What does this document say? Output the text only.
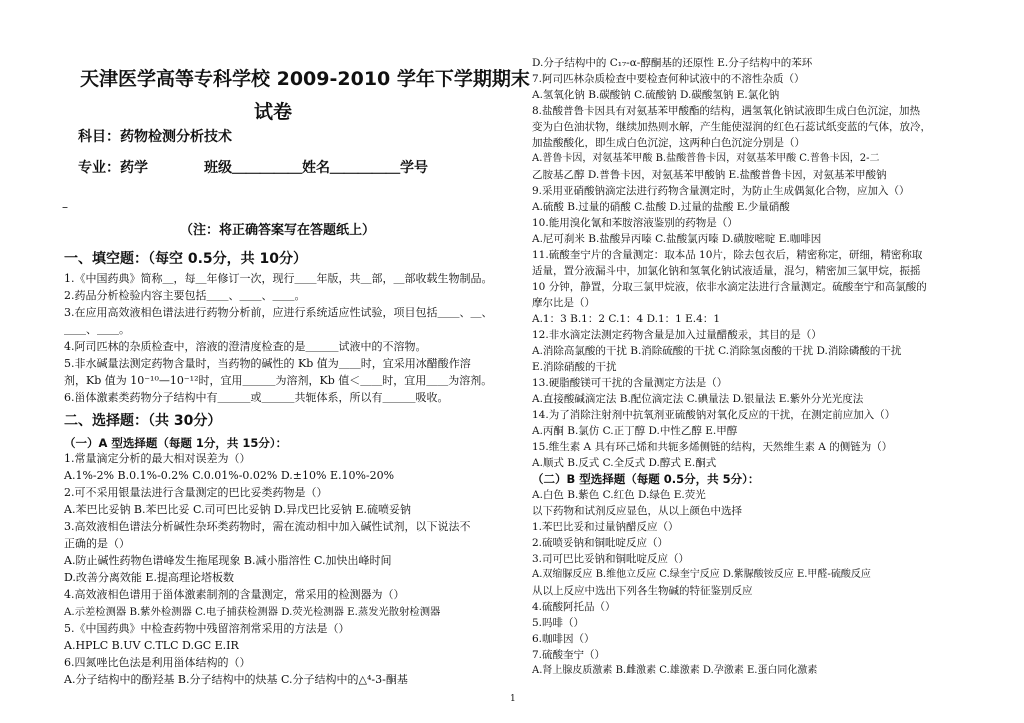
天津医学高等专科学校 2009-2010 学年下学期期末
试卷
科目：药物检测分析技术
专业：药学　　　　班级＿＿＿＿＿姓名＿＿＿＿＿学号
–
（注：将正确答案写在答题纸上）
一、填空题：（每空 0.5分，共 10分）
1.《中国药典》简称＿，每＿年修订一次，现行＿＿年版，共＿部，＿部收载生物制品。
2.药品分析检验内容主要包括＿＿、＿＿、＿＿。
3.在应用高效液相色谱法进行药物分析前，应进行系统适应性试验，项目包括＿＿、＿、
＿＿、＿＿。
4.阿司匹林的杂质检查中，溶液的澄清度检查的是＿＿＿试液中的不溶物。
5.非水碱量法测定药物含量时，当药物的碱性的 Kb 值为＿＿时，宜采用冰醋酸作溶
剂，Kb 值为 10⁻¹⁰—10⁻¹²时，宜用＿＿＿为溶剂，Kb 值＜＿＿时，宜用＿＿为溶剂。
6.甾体激素类药物分子结构中有＿＿＿或＿＿＿共轭体系，所以有＿＿＿吸收。
二、选择题：（共 30分）
（一）A 型选择题（每题 1分，共 15分）：
1.常量滴定分析的最大相对误差为（）
A.1%-2% B.0.1%-0.2% C.0.01%-0.02% D.±10% E.10%-20%
2.可不采用银量法进行含量测定的巴比妥类药物是（）
A.苯巴比妥钠 B.苯巴比妥 C.司可巴比妥钠 D.异戊巴比妥钠 E.硫喷妥钠
3.高效液相色谱法分析碱性杂环类药物时，需在流动相中加入碱性试剂，以下说法不
正确的是（）
A.防止碱性药物色谱峰发生拖尾现象 B.减小脂溶性 C.加快出峰时间
D.改善分离效能 E.提高理论塔板数
4.高效液相色谱用于甾体激素制剂的含量测定，常采用的检测器为（）
A.示差检测器 B.紫外检测器 C.电子捕获检测器 D.荧光检测器 E.蒸发光散射检测器
5.《中国药典》中检查药物中残留溶剂常采用的方法是（）
A.HPLC B.UV C.TLC D.GC E.IR
6.四氮唑比色法是利用甾体结构的（）
A.分子结构中的酚羟基 B.分子结构中的炔基 C.分子结构中的△⁴-3-酮基
D.分子结构中的 C₁₇-α-醇酮基的还原性 E.分子结构中的苯环
7.阿司匹林杂质检查中要检查何种试液中的不溶性杂质（）
A.氢氧化钠 B.碳酸钠 C.硫酸钠 D.碳酸氢钠 E.氯化钠
8.盐酸普鲁卡因具有对氨基苯甲酸酯的结构，遇氢氧化钠试液即生成白色沉淀，加热
变为白色油状物，继续加热则水解，产生能使湿润的红色石蕊试纸变蓝的气体，放冷，
加盐酸酸化，即生成白色沉淀，这两种白色沉淀分别是（）
A.普鲁卡因，对氨基苯甲酸 B.盐酸普鲁卡因，对氨基苯甲酸 C.普鲁卡因，2-二
乙胺基乙醇 D.普鲁卡因，对氨基苯甲酸钠 E.盐酸普鲁卡因，对氨基苯甲酸钠
9.采用亚硝酸钠滴定法进行药物含量测定时，为防止生成偶氮化合物，应加入（）
A.硫酸 B.过量的硝酸 C.盐酸 D.过量的盐酸 E.少量硝酸
10.能用溴化氰和苯胺溶液鉴别的药物是（）
A.尼可刹米 B.盐酸异丙嗪 C.盐酸氯丙嗪 D.磺胺嘧啶 E.咖啡因
11.硫酸奎宁片的含量测定：取本品 10片，除去包衣后，精密称定，研细，精密称取
适量，置分液漏斗中，加氯化钠和氢氧化钠试液适量，混匀，精密加三氯甲烷，振摇
10 分钟，静置，分取三氯甲烷液，依非水滴定法进行含量测定。硫酸奎宁和高氯酸的
摩尔比是（）
A.1：3 B.1：2 C.1：4 D.1：1 E.4：1
12.非水滴定法测定药物含量是加入过量醋酸汞，其目的是（）
A.消除高氯酸的干扰 B.消除硫酸的干扰 C.消除氢卤酸的干扰 D.消除磷酸的干扰
E.消除硝酸的干扰
13.硬脂酸镁可干扰的含量测定方法是（）
A.直接酸碱滴定法 B.配位滴定法 C.碘量法 D.银量法 E.紫外分光光度法
14.为了消除注射剂中抗氧剂亚硫酸钠对氧化反应的干扰，在测定前应加入（）
A.丙酮 B.氯仿 C.正丁醇 D.中性乙醇 E.甲醇
15.维生素 A 具有环己烯和共轭多烯侧链的结构，天然维生素 A 的侧链为（）
A.顺式 B.反式 C.全反式 D.醇式 E.酮式
（二）B 型选择题（每题 0.5分，共 5分）：
A.白色 B.紫色 C.红色 D.绿色 E.荧光
以下药物和试剂反应显色，从以上颜色中选择
1.苯巴比妥和过量钠醋反应（）
2.硫喷妥钠和铜吡啶反应（）
3.司可巴比妥钠和铜吡啶反应（）
A.双缩脲反应 B.维他立反应 C.绿奎宁反应 D.紫脲酸铵反应 E.甲醛-硫酸反应
从以上反应中选出下列各生物碱的特征鉴别反应
4.硫酸阿托品（）
5.吗啡（）
6.咖啡因（）
7.硫酸奎宁（）
A.肾上腺皮质激素 B.雌激素 C.雄激素 D.孕激素 E.蛋白同化激素
1
